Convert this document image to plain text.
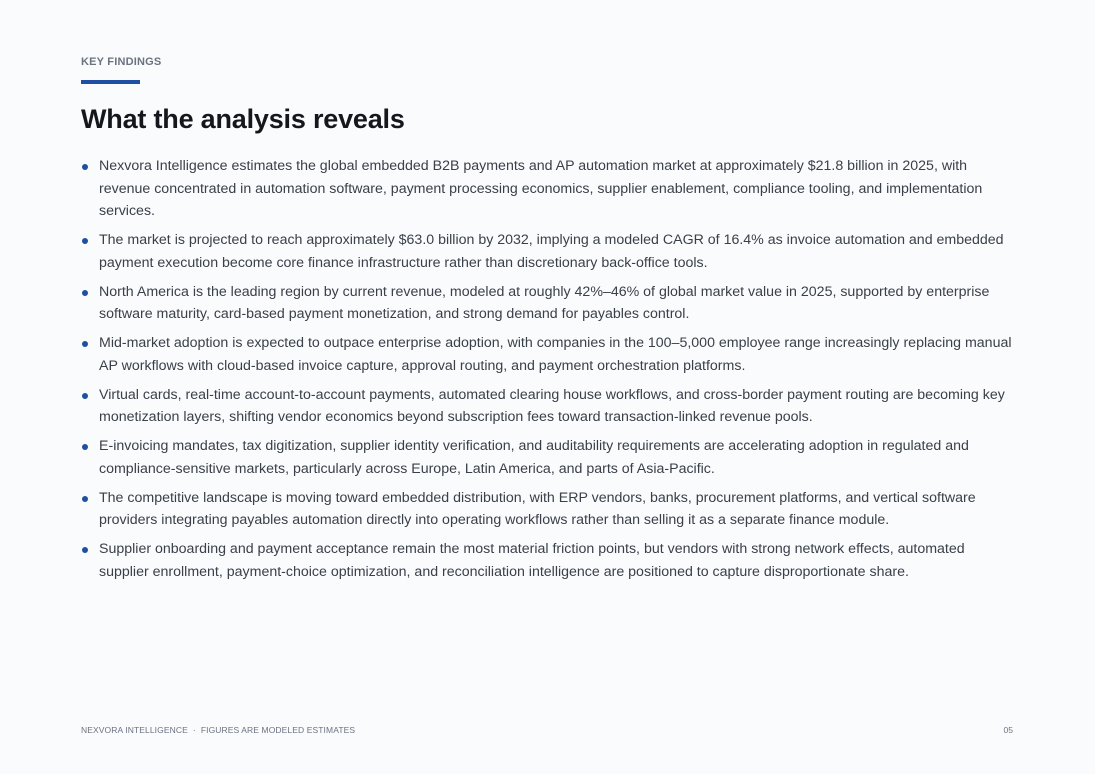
KEY FINDINGS
What the analysis reveals
Nexvora Intelligence estimates the global embedded B2B payments and AP automation market at approximately $21.8 billion in 2025, with revenue concentrated in automation software, payment processing economics, supplier enablement, compliance tooling, and implementation services.
The market is projected to reach approximately $63.0 billion by 2032, implying a modeled CAGR of 16.4% as invoice automation and embedded payment execution become core finance infrastructure rather than discretionary back-office tools.
North America is the leading region by current revenue, modeled at roughly 42%–46% of global market value in 2025, supported by enterprise software maturity, card-based payment monetization, and strong demand for payables control.
Mid-market adoption is expected to outpace enterprise adoption, with companies in the 100–5,000 employee range increasingly replacing manual AP workflows with cloud-based invoice capture, approval routing, and payment orchestration platforms.
Virtual cards, real-time account-to-account payments, automated clearing house workflows, and cross-border payment routing are becoming key monetization layers, shifting vendor economics beyond subscription fees toward transaction-linked revenue pools.
E-invoicing mandates, tax digitization, supplier identity verification, and auditability requirements are accelerating adoption in regulated and compliance-sensitive markets, particularly across Europe, Latin America, and parts of Asia-Pacific.
The competitive landscape is moving toward embedded distribution, with ERP vendors, banks, procurement platforms, and vertical software providers integrating payables automation directly into operating workflows rather than selling it as a separate finance module.
Supplier onboarding and payment acceptance remain the most material friction points, but vendors with strong network effects, automated supplier enrollment, payment-choice optimization, and reconciliation intelligence are positioned to capture disproportionate share.
NEXVORA INTELLIGENCE · FIGURES ARE MODELED ESTIMATES	05
